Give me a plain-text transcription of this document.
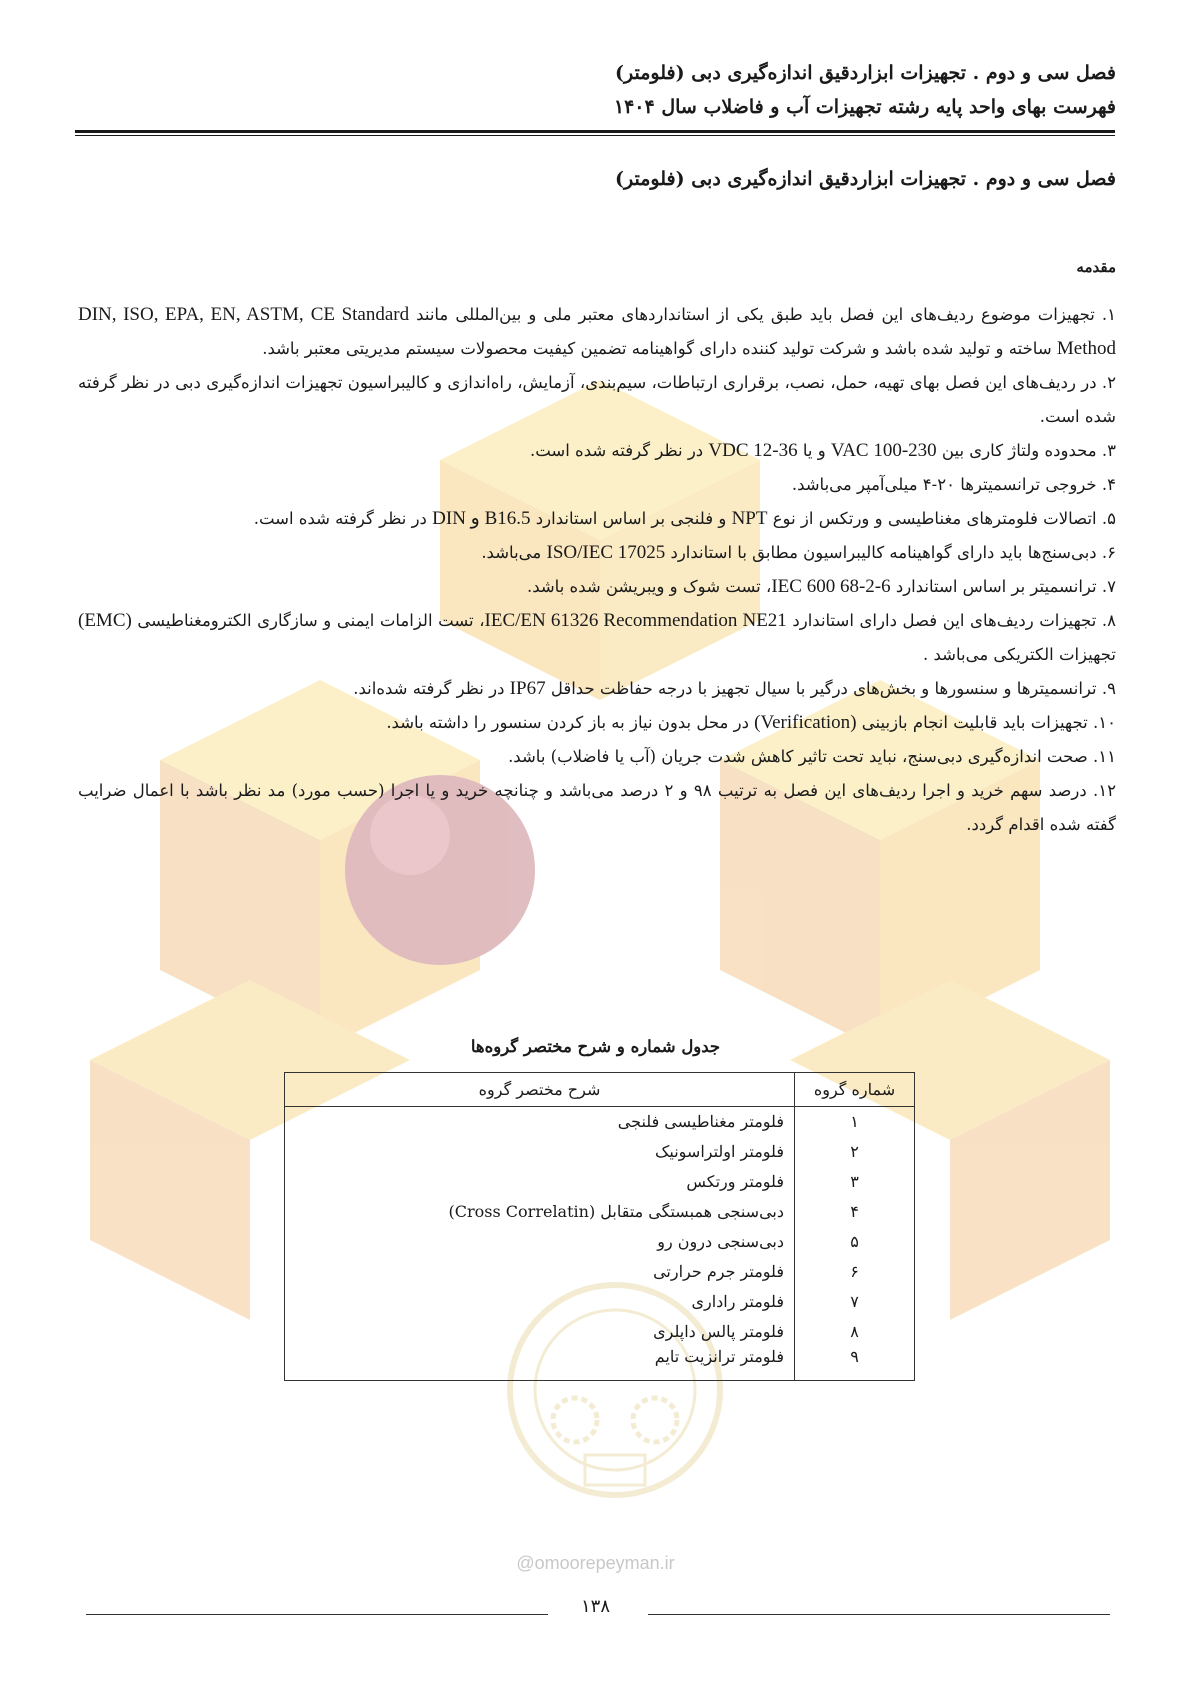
فصل سی و دوم . تجهیزات ابزاردقیق اندازه‌گیری دبی (فلومتر)
فهرست بهای واحد پایه رشته تجهیزات آب و فاضلاب سال ۱۴۰۴
فصل سی و دوم . تجهیزات ابزاردقیق اندازه‌گیری دبی (فلومتر)
مقدمه

۱. تجهیزات موضوع ردیف‌های این فصل باید طبق یکی از استانداردهای معتبر ملی و بین‌المللی مانند DIN, ISO, EPA, EN, ASTM, CE Standard Method ساخته و تولید شده باشد و شرکت تولید کننده دارای گواهینامه تضمین کیفیت محصولات سیستم مدیریتی معتبر باشد.

۲. در ردیف‌های این فصل بهای تهیه، حمل، نصب، برقراری ارتباطات، سیم‌بندی، آزمایش، راه‌اندازی و کالیبراسیون تجهیزات اندازه‌گیری دبی در نظر گرفته شده است.

۳. محدوده ولتاژ کاری بین VAC 100-230 و یا VDC 12-36 در نظر گرفته شده است.

۴. خروجی ترانسمیترها ۲۰-۴ میلی‌آمپر می‌باشد.

۵. اتصالات فلومترهای مغناطیسی و ورتکس از نوع NPT و فلنجی بر اساس استاندارد B16.5 و DIN در نظر گرفته شده است.

۶. دبی‌سنج‌ها باید دارای گواهینامه کالیبراسیون مطابق با استاندارد ISO/IEC 17025 می‌باشد.

۷. ترانسمیتر بر اساس استاندارد IEC 600 68-2-6، تست شوک و ویبریشن شده باشد.

۸. تجهیزات ردیف‌های این فصل دارای استاندارد IEC/EN 61326 Recommendation NE21، تست الزامات ایمنی و سازگاری الکترومغناطیسی (EMC) تجهیزات الکتریکی می‌باشد .

۹. ترانسمیترها و سنسورها و بخش‌های درگیر با سیال تجهیز با درجه حفاظت حداقل IP67 در نظر گرفته شده‌اند.

۱۰. تجهیزات باید قابلیت انجام بازبینی (Verification) در محل بدون نیاز به باز کردن سنسور را داشته باشد.

۱۱. صحت اندازه‌گیری دبی‌سنج، نباید تحت تاثیر کاهش شدت جریان (آب یا فاضلاب) باشد.

۱۲. درصد سهم خرید و اجرا ردیف‌های این فصل به ترتیب ۹۸ و ۲ درصد می‌باشد و چنانچه خرید و یا اجرا (حسب مورد) مد نظر باشد با اعمال ضرایب گفته شده اقدام گردد.

جدول شماره و شرح مختصر گروه‌ها
شماره گروه	شرح مختصر گروه
۱	فلومتر مغناطیسی فلنجی
۲	فلومتر اولتراسونیک
۳	فلومتر ورتکس
۴	دبی‌سنجی همبستگی متقابل (Cross Correlatin)
۵	دبی‌سنجی درون رو
۶	فلومتر جرم حرارتی
۷	فلومتر راداری
۸	فلومتر پالس داپلری
۹	فلومتر ترانزیت تایم
@omoorepeyman.ir
۱۳۸
